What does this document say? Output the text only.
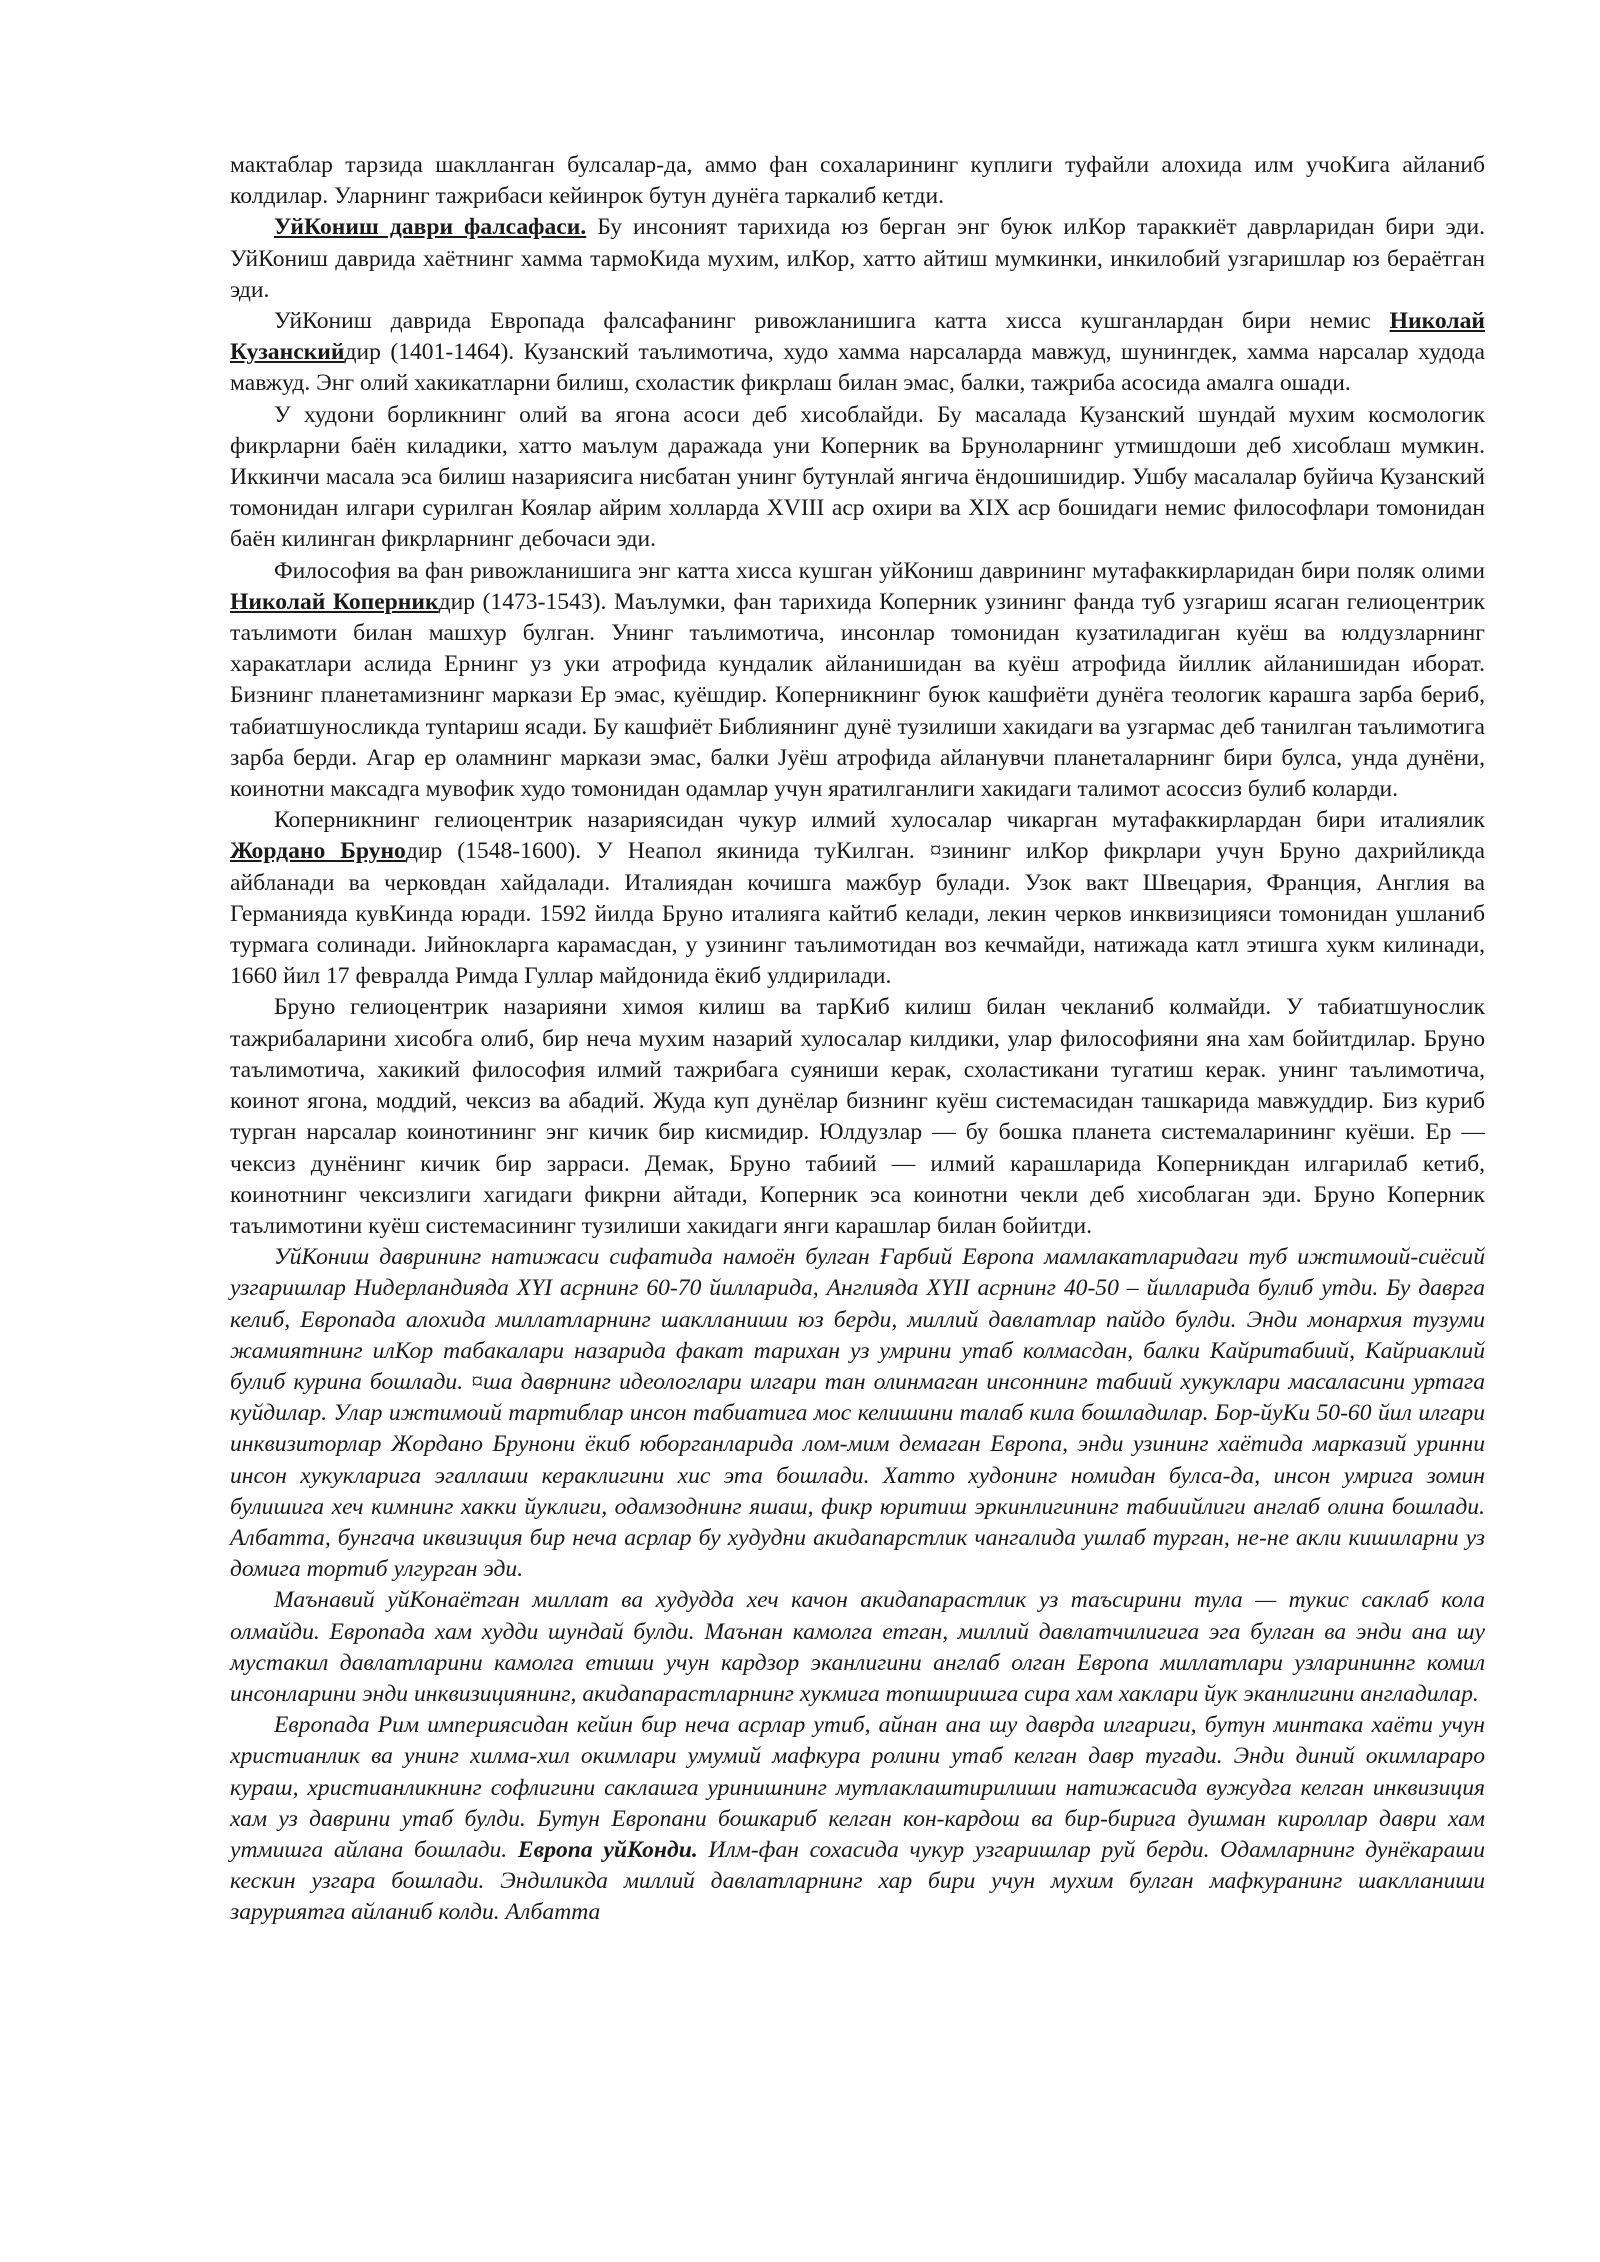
мактаблар тарзида шаклланган булсалар-да, аммо фан сохаларининг куплиги туфайли алохида илм учоКига айланиб колдилар. Уларнинг тажрибаси кейинрок бутун дунёга таркалиб кетди.

УйКониш даври фалсафаси. Бу инсоният тарихида юз берган энг буюк илКор тараккиёт даврларидан бири эди. УйКониш даврида хаётнинг хамма тармоКида мухим, илКор, хатто айтиш мумкинки, инкилобий узгаришлар юз бераётган эди.

УйКониш даврида Европада фалсафанинг ривожланишига катта хисса кушганлардан бири немис Николай Кузанскийдир (1401-1464). Кузанский таълимотича, худо хамма нарсаларда мавжуд, шунингдек, хамма нарсалар худода мавжуд. Энг олий хакикатларни билиш, схоластик фикрлаш билан эмас, балки, тажриба асосида амалга ошади.

У худони борликнинг олий ва ягона асоси деб хисоблайди. Бу масалада Кузанский шундай мухим космологик фикрларни баён киладики, хатто маълум даражада уни Коперник ва Бруноларнинг утмишдоши деб хисоблаш мумкин. Иккинчи масала эса билиш назариясига нисбатан унинг бутунлай янгича ёндошишидир. Ушбу масалалар буйича Кузанский томонидан илгари сурилган Коялар айрим холларда XVIII аср охири ва XIX аср бошидаги немис философлари томонидан баён килинган фикрларнинг дебочаси эди.

Философия ва фан ривожланишига энг катта хисса кушган уйКониш даврининг мутафаккирларидан бири поляк олими Николай Коперникдир (1473-1543). Маълумки, фан тарихида Коперник узининг фанда туб узгариш ясаган гелиоцентрик таълимоти билан машхур булган. Унинг таълимотича, инсонлар томонидан кузатиладиган куёш ва юлдузларнинг харакатлари аслида Ернинг уз уки атрофида кундалик айланишидан ва куёш атрофида йиллик айланишидан иборат. Бизнинг планетамизнинг маркази Ер эмас, куёшдир. Коперникнинг буюк кашфиёти дунёга теологик карашга зарба бериб, табиатшуносликда туntариш ясади. Бу кашфиёт Библиянинг дунё тузилиши хакидаги ва узгармас деб танилган таълимотига зарба берди. Агар ер оламнинг маркази эмас, балки Jуёш атрофида айланувчи планеталарнинг бири булса, унда дунёни, коинотни максадга мувофик худо томонидан одамлар учун яратилганлиги хакидаги талимот асоссиз булиб коларди.

Коперникнинг гелиоцентрик назариясидан чукур илмий хулосалар чикарган мутафаккирлардан бири италиялик Жордано Брунодир (1548-1600). У Неапол якинида туКилган. ¤зининг илКор фикрлари учун Бруно дахрийликда айбланади ва черковдан хайдалади. Италиядан кочишга мажбур булади. Узок вакт Швецария, Франция, Англия ва Германияда кувКинда юради. 1592 йилда Бруно италияга кайтиб келади, лекин черков инквизицияси томонидан ушланиб турмага солинади. Jийнокларга карамасдан, у узининг таълимотидан воз кечмайди, натижада катл этишга хукм килинади, 1660 йил 17 февралда Римда Гуллар майдонида ёкиб улдирилади.

Бруно гелиоцентрик назарияни химоя килиш ва тарКиб килиш билан чекланиб колмайди. У табиатшунослик тажрибаларини хисобга олиб, бир неча мухим назарий хулосалар килдики, улар философияни яна хам бойитдилар. Бруно таълимотича, хакикий философия илмий тажрибага суяниши керак, схоластикани тугатиш керак. унинг таълимотича, коинот ягона, моддий, чексиз ва абадий. Жуда куп дунёлар бизнинг куёш системасидан ташкарида мавжуддир. Биз куриб турган нарсалар коинотининг энг кичик бир кисмидир. Юлдузлар — бу бошка планета системаларининг куёши. Ер — чексиз дунёнинг кичик бир зарраси. Демак, Бруно табиий — илмий карашларида Коперникдан илгарилаб кетиб, коинотнинг чексизлиги хагидаги фикрни айтади, Коперник эса коинотни чекли деб хисоблаган эди. Бруно Коперник таълимотини куёш системасининг тузилиши хакидаги янги карашлар билан бойитди.

УйКониш даврининг натижаси сифатида намоён булган Ғарбий Европа мамлакатларидаги туб ижтимоий-сиёсий узгаришлар Нидерландияда XYI асрнинг 60-70 йилларида, Англияда XYII асрнинг 40-50 – йилларида булиб утди. Бу даврга келиб, Европада алохида миллатларнинг шаклланиши юз берди, миллий давлатлар пайдо булди. Энди монархия тузуми жамиятнинг илКор табакалари назарида факат тарихан уз умрини утаб колмасдан, балки Кайритабиий, Кайриаклий булиб курина бошлади. ¤ша даврнинг идеологлари илгари тан олинмаган инсоннинг табиий хукуклари масаласини уртага куйдилар. Улар ижтимоий тартиблар инсон табиатига мос келишини талаб кила бошладилар. Бор-йуКи 50-60 йил илгари инквизиторлар Жордано Брунони ёкиб юборганларида лом-мим демаган Европа, энди узининг хаётида марказий уринни инсон хукукларига эгаллаши кераклигини хис эта бошлади. Хатто худонинг номидан булса-да, инсон умрига зомин булишига хеч кимнинг хакки йуклиги, одамзоднинг яшаш, фикр юритиш эркинлигининг табиийлиги англаб олина бошлади. Албатта, бунгача иквизиция бир неча асрлар бу худудни акидапарстлик чангалида ушлаб турган, не-не акли кишиларни уз домига тортиб улгурган эди.

Маънавий уйКонаётган миллат ва худудда хеч качон акидапарастлик уз таъсирини тула — тукис саклаб кола олмайди. Европада хам худди шундай булди. Маънан камолга етган, миллий давлатчилигига эга булган ва энди ана шу мустакил давлатларини камолга етиши учун кардзор эканлигини англаб олган Европа миллатлари узларининнг комил инсонларини энди инквизициянинг, акидапарастларнинг хукмига топширишга сира хам хаклари йук эканлигини англадилар.

Европада Рим империясидан кейин бир неча асрлар утиб, айнан ана шу даврда илгариги, бутун минтака хаёти учун христианлик ва унинг хилма-хил окимлари умумий мафкура ролини утаб келган давр тугади. Энди диний окимлараро кураш, христианликнинг софлигини саклашга уринишнинг мутлаклаштирилиши натижасида вужудга келган инквизиция хам уз даврини утаб булди. Бутун Европани бошкариб келган кон-кардош ва бир-бирига душман кироллар даври хам утмишга айлана бошлади. Европа уйКонди. Илм-фан сохасида чукур узгаришлар руй берди. Одамларнинг дунёкараши кескин узгара бошлади. Эндиликда миллий давлатларнинг хар бири учун мухим булган мафкуранинг шаклланиши заруриятга айланиб колди. Албатта
